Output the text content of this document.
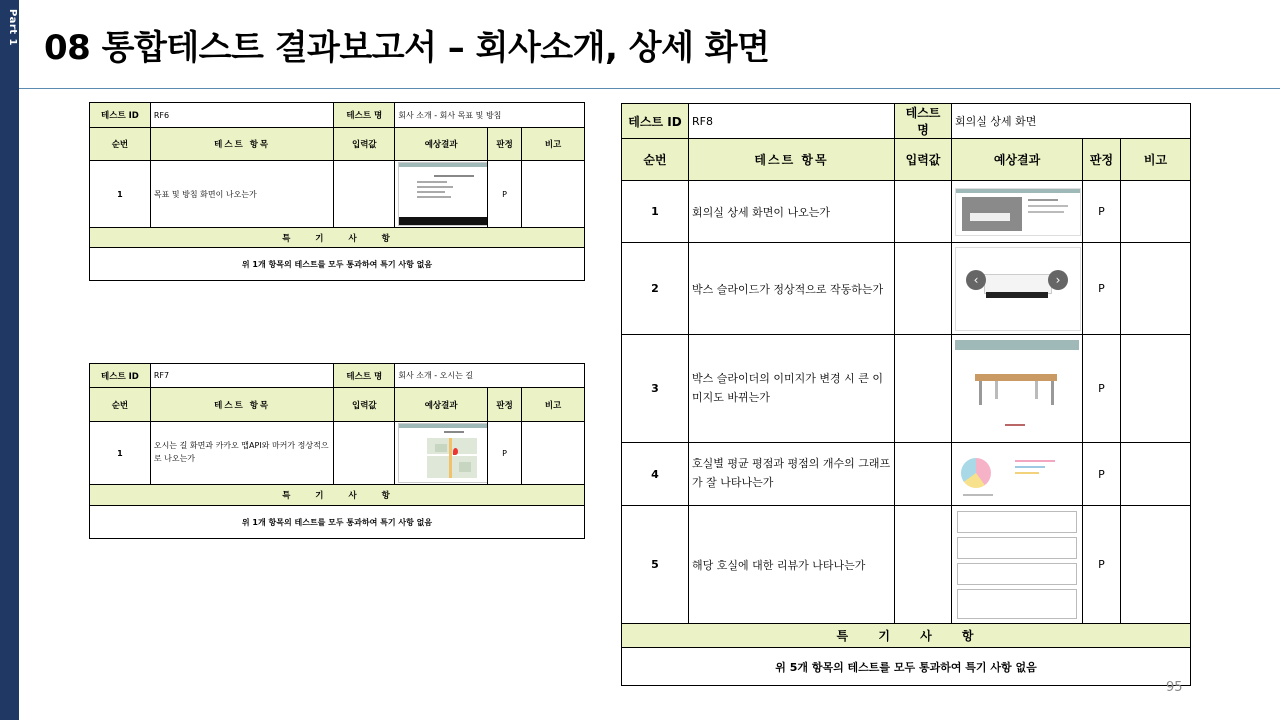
Part 1
08 통합테스트 결과보고서 – 회사소개, 상세 화면
테스트 ID	RF6	테스트 명	회사 소개 - 회사 목표 및 방침		
순번	테스트 항목	입력값	예상결과	판정	비고
1	목표 및 방침 화면이 나오는가			P	
특 기 사 항					
위 1개 항목의 테스트를 모두 통과하여 특기 사항 없음					
테스트 ID	RF7	테스트 명	회사 소개 - 오시는 길		
순번	테스트 항목	입력값	예상결과	판정	비고
1	오시는 길 화면과 카카오 맵API와 마커가 정상적으로 나오는가			P	
특 기 사 항					
위 1개 항목의 테스트를 모두 통과하여 특기 사항 없음					
테스트 ID	RF8	테스트 명	회의실 상세 화면		
순번	테스트 항목	입력값	예상결과	판정	비고
1	회의실 상세 화면이 나오는가			P	
2	박스 슬라이드가 정상적으로 작동하는가		‹ ›	P	
3	박스 슬라이더의 이미지가 변경 시 큰 이미지도 바뀌는가			P	
4	호실별 평균 평점과 평점의 개수의 그래프가 잘 나타나는가			P	
5	해당 호실에 대한 리뷰가 나타나는가			P	
특 기 사 항					
위 5개 항목의 테스트를 모두 통과하여 특기 사항 없음					
95
